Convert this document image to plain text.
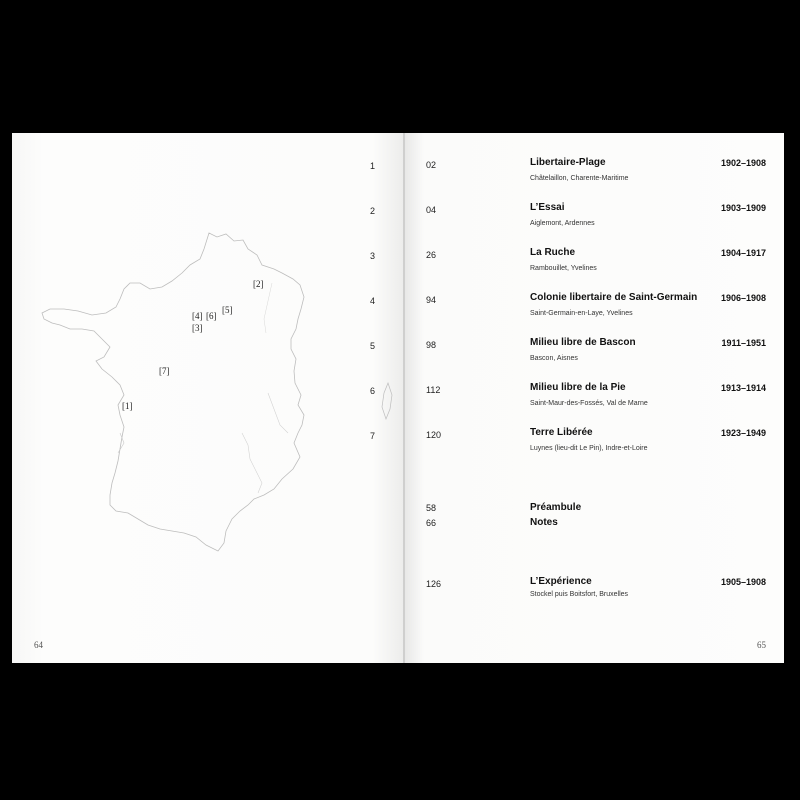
[1]
[2]
[3]
[4]
[5]
[6]
[7]
1
2
3
4
5
6
7
64
02	Libertaire-Plage
Châtelaillon, Charente-Maritime
1902–1908
04	L’Essai
Aiglemont, Ardennes
1903–1909
26	La Ruche
Rambouillet, Yvelines
1904–1917
94	Colonie libertaire de Saint-Germain
Saint-Germain-en-Laye, Yvelines
1906–1908
98	Milieu libre de Bascon
Bascon, Aisnes
1911–1951
112	Milieu libre de la Pie
Saint-Maur-des-Fossés, Val de Marne
1913–1914
120	Terre Libérée
Luynes (lieu-dit Le Pin), Indre-et-Loire
1923–1949
58	Préambule
66	Notes
126	L’Expérience
Stockel puis Boitsfort, Bruxelles
1905–1908
65
